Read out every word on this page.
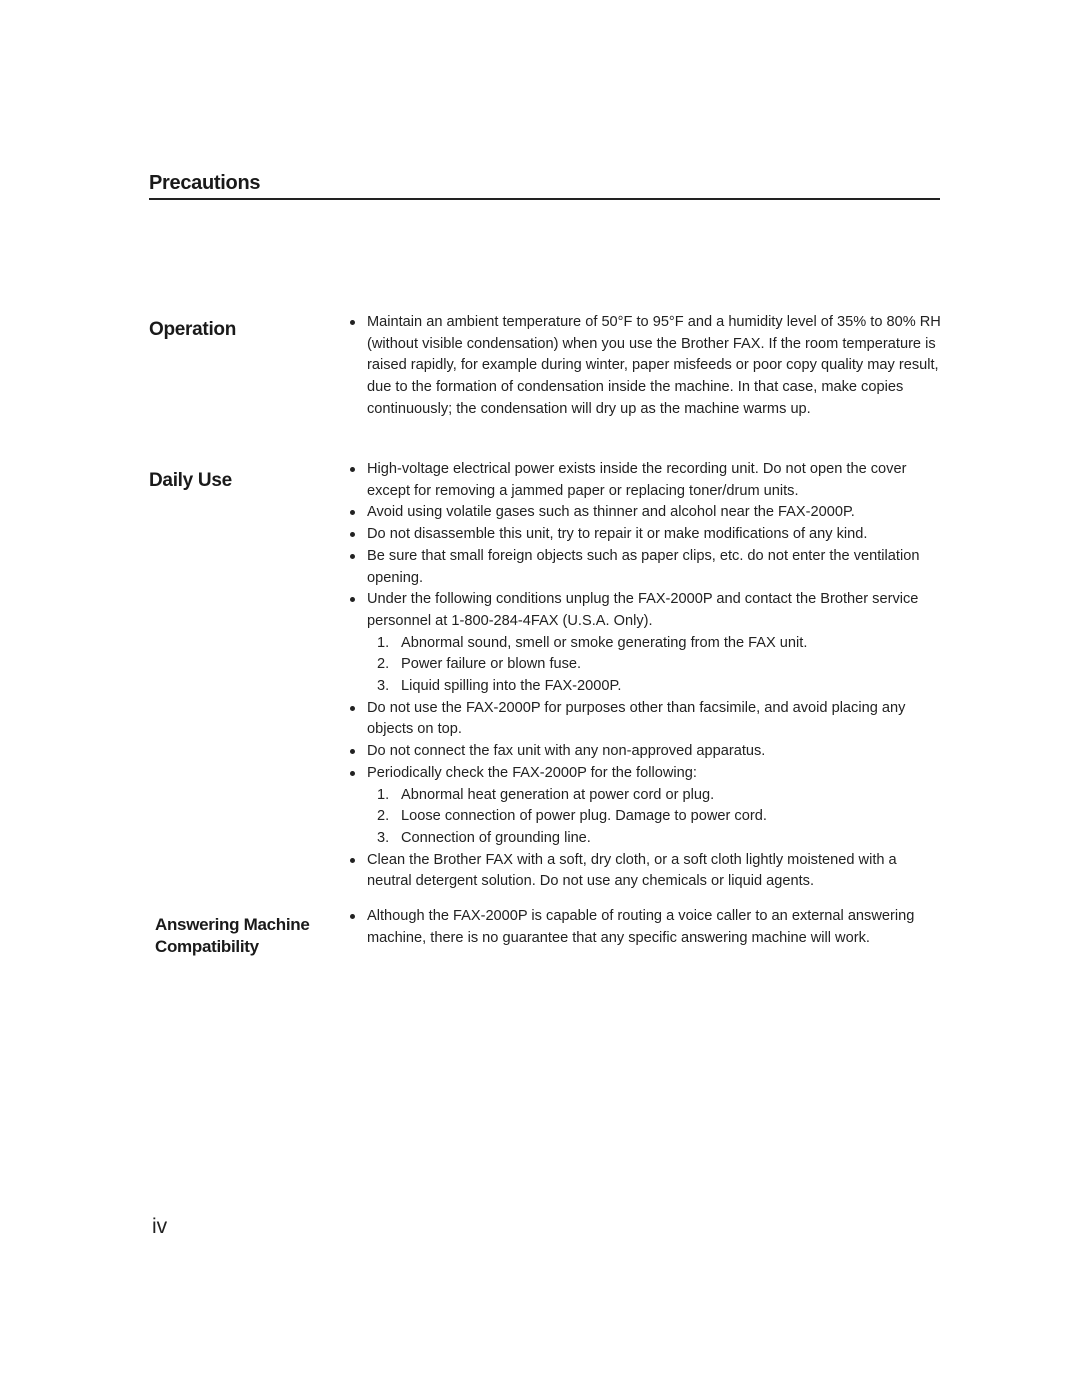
Precautions
Operation	Maintain an ambient temperature of 50°F to 95°F and a humidity level of 35% to 80% RH (without visible condensation) when you use the Brother FAX. If the room temperature is raised rapidly, for example during winter, paper misfeeds or poor copy quality may result, due to the formation of condensation inside the machine. In that case, make copies continuously; the condensation will dry up as the machine warms up.
Daily Use
High-voltage electrical power exists inside the recording unit. Do not open the cover except for removing a jammed paper or replacing toner/drum units.
Avoid using volatile gases such as thinner and alcohol near the FAX-2000P.
Do not disassemble this unit, try to repair it or make modifications of any kind.
Be sure that small foreign objects such as paper clips, etc. do not enter the ventilation opening.
Under the following conditions unplug the FAX-2000P and contact the Brother service personnel at 1-800-284-4FAX (U.S.A. Only).
1. Abnormal sound, smell or smoke generating from the FAX unit.
2. Power failure or blown fuse.
3. Liquid spilling into the FAX-2000P.
Do not use the FAX-2000P for purposes other than facsimile, and avoid placing any objects on top.
Do not connect the fax unit with any non-approved apparatus.
Periodically check the FAX-2000P for the following:
1. Abnormal heat generation at power cord or plug.
2. Loose connection of power plug. Damage to power cord.
3. Connection of grounding line.
Clean the Brother FAX with a soft, dry cloth, or a soft cloth lightly moistened with a neutral detergent solution. Do not use any chemicals or liquid agents.
Answering Machine
Compatibility
Although the FAX-2000P is capable of routing a voice caller to an external answering machine, there is no guarantee that any specific answering machine will work.
iv
